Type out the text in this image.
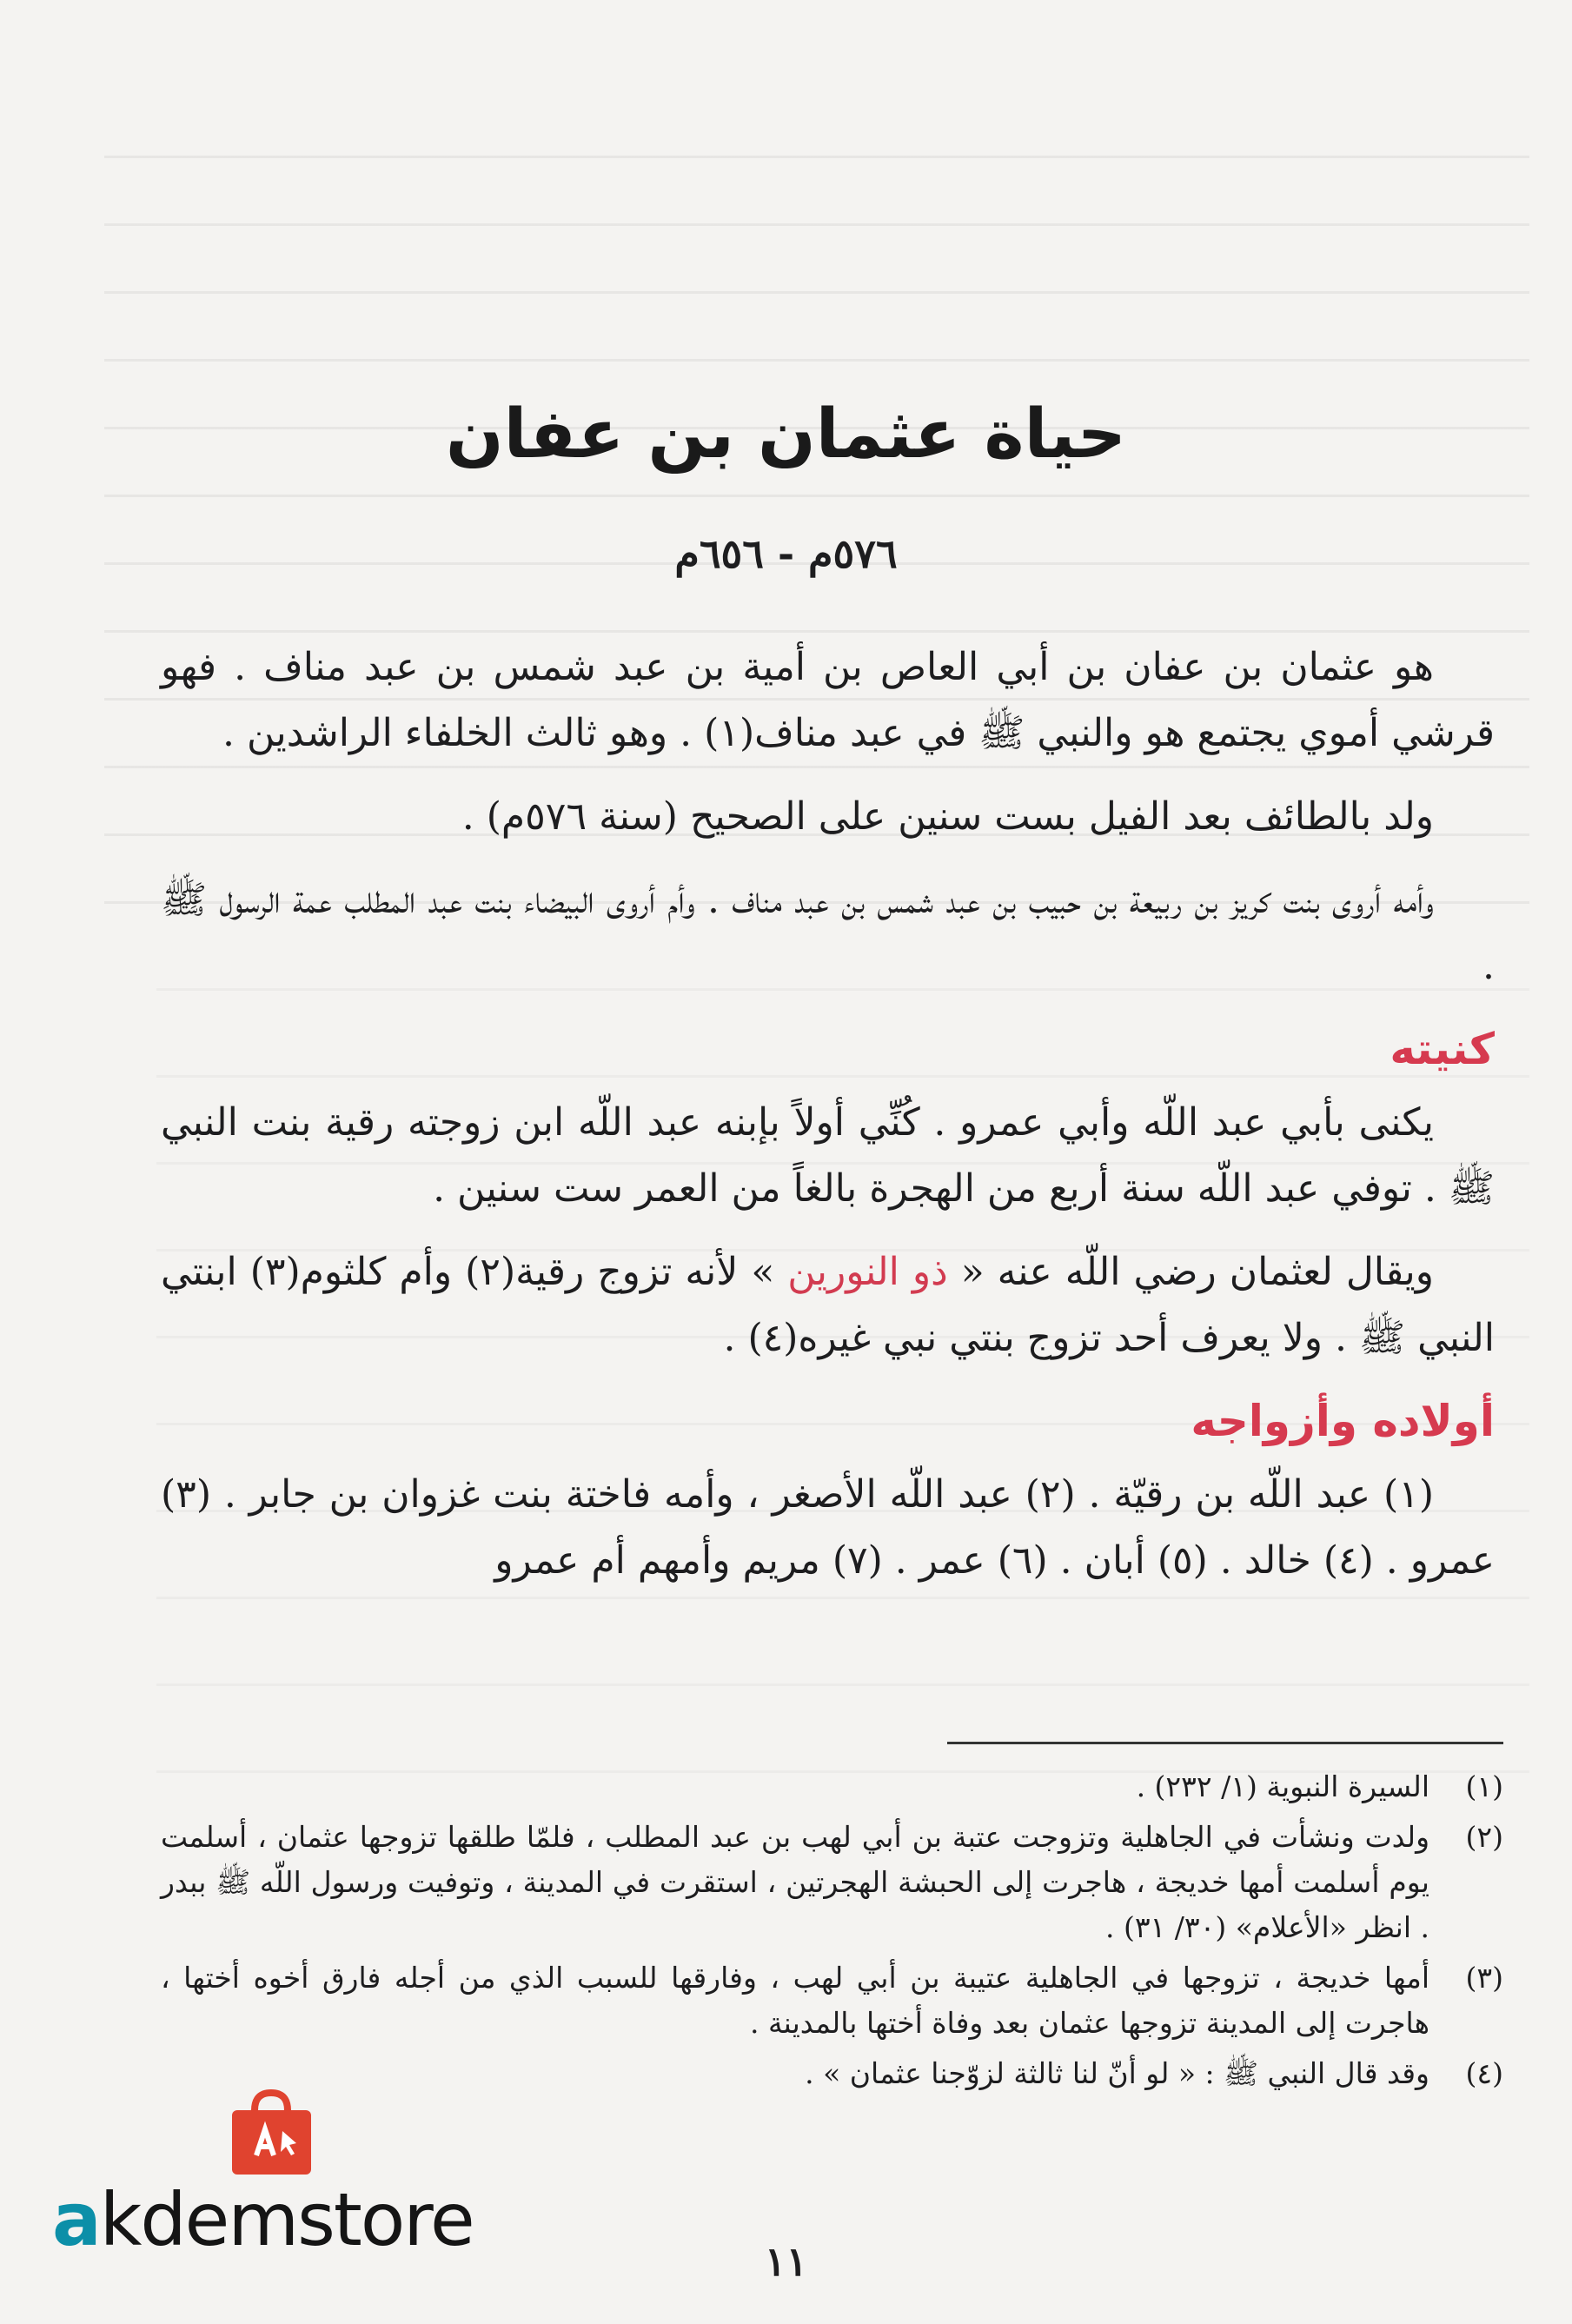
حياة عثمان بن عفان
٥٧٦م - ٦٥٦م

هو عثمان بن عفان بن أبي العاص بن أمية بن عبد شمس بن عبد مناف . فهو قرشي أموي يجتمع هو والنبي ﷺ في عبد مناف(١) . وهو ثالث الخلفاء الراشدين .

ولد بالطائف بعد الفيل بست سنين على الصحيح (سنة ٥٧٦م) .

وأمه أروى بنت كريز بن ربيعة بن حبيب بن عبد شمس بن عبد مناف . وأم أروى البيضاء بنت عبد المطلب عمة الرسول ﷺ .

كنيته

يكنى بأبي عبد اللّه وأبي عمرو . كُنِّي أولاً بإبنه عبد اللّه ابن زوجته رقية بنت النبي ﷺ . توفي عبد اللّه سنة أربع من الهجرة بالغاً من العمر ست سنين .

ويقال لعثمان رضي اللّه عنه « ذو النورين » لأنه تزوج رقية(٢) وأم كلثوم(٣) ابنتي النبي ﷺ . ولا يعرف أحد تزوج بنتي نبي غيره(٤) .

أولاده وأزواجه

(١) عبد اللّه بن رقيّة . (٢) عبد اللّه الأصغر ، وأمه فاختة بنت غزوان بن جابر . (٣) عمرو . (٤) خالد . (٥) أبان . (٦) عمر . (٧) مريم وأمهم أم عمرو

(١)
السيرة النبوية (١/ ٢٣٢) .
(٢)
ولدت ونشأت في الجاهلية وتزوجت عتبة بن أبي لهب بن عبد المطلب ، فلمّا طلقها تزوجها عثمان ، أسلمت يوم أسلمت أمها خديجة ، هاجرت إلى الحبشة الهجرتين ، استقرت في المدينة ، وتوفيت ورسول اللّه ﷺ ببدر . انظر «الأعلام» (٣٠/ ٣١) .
(٣)
أمها خديجة ، تزوجها في الجاهلية عتيبة بن أبي لهب ، وفارقها للسبب الذي من أجله فارق أخوه أختها ، هاجرت إلى المدينة تزوجها عثمان بعد وفاة أختها بالمدينة .
(٤)
وقد قال النبي ﷺ : « لو أنّ لنا ثالثة لزوّجنا عثمان » .
١١
akdemstore
